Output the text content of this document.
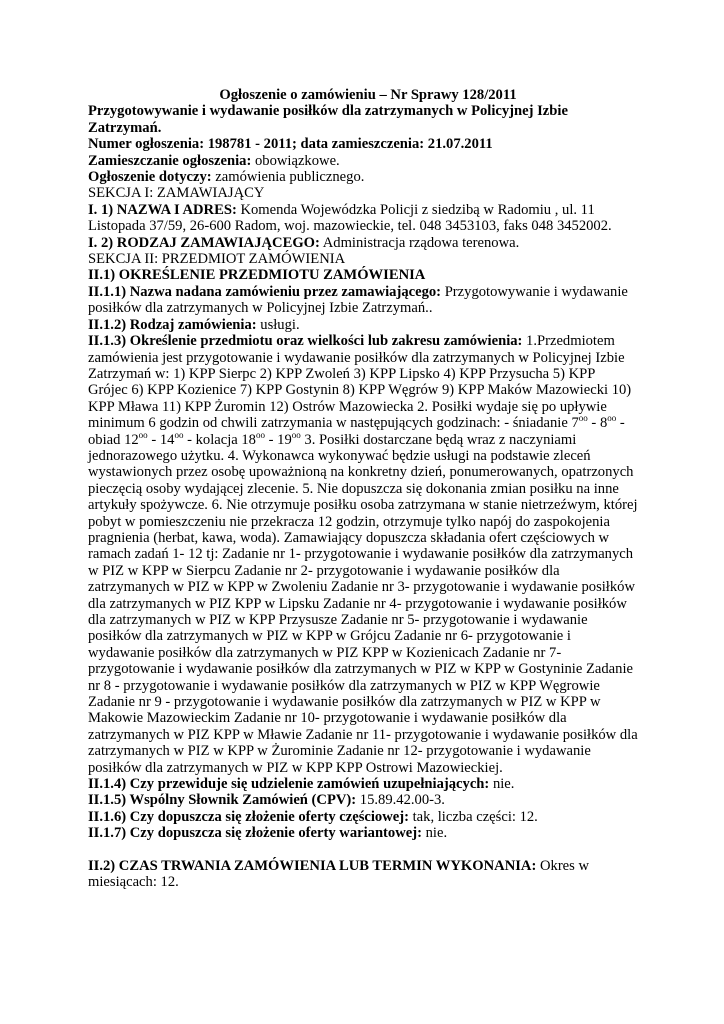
Ogłoszenie o zamówieniu – Nr Sprawy 128/2011
Przygotowywanie i wydawanie posiłków dla zatrzymanych w Policyjnej Izbie
Zatrzymań.
Numer ogłoszenia: 198781 - 2011; data zamieszczenia: 21.07.2011
Zamieszczanie ogłoszenia: obowiązkowe.
Ogłoszenie dotyczy: zamówienia publicznego.
SEKCJA I: ZAMAWIAJĄCY
I. 1) NAZWA I ADRES: Komenda Wojewódzka Policji z siedzibą w Radomiu , ul. 11
Listopada 37/59, 26-600 Radom, woj. mazowieckie, tel. 048 3453103, faks 048 3452002.
I. 2) RODZAJ ZAMAWIAJĄCEGO: Administracja rządowa terenowa.
SEKCJA II: PRZEDMIOT ZAMÓWIENIA
II.1) OKREŚLENIE PRZEDMIOTU ZAMÓWIENIA
II.1.1) Nazwa nadana zamówieniu przez zamawiającego: Przygotowywanie i wydawanie
posiłków dla zatrzymanych w Policyjnej Izbie Zatrzymań..
II.1.2) Rodzaj zamówienia: usługi.
II.1.3) Określenie przedmiotu oraz wielkości lub zakresu zamówienia: 1.Przedmiotem
zamówienia jest przygotowanie i wydawanie posiłków dla zatrzymanych w Policyjnej Izbie
Zatrzymań w: 1) KPP Sierpc 2) KPP Zwoleń 3) KPP Lipsko 4) KPP Przysucha 5) KPP
Grójec 6) KPP Kozienice 7) KPP Gostynin 8) KPP Węgrów 9) KPP Maków Mazowiecki 10)
KPP Mława 11) KPP Żuromin 12) Ostrów Mazowiecka 2. Posiłki wydaje się po upływie
minimum 6 godzin od chwili zatrzymania w następujących godzinach: - śniadanie $7^{oo} - 8^{oo}$ -
obiad $12^{oo} - 14^{oo}$ - kolacja $18^{oo} - 19^{oo}$ 3. Posiłki dostarczane będą wraz z naczyniami
jednorazowego użytku. 4. Wykonawca wykonywać będzie usługi na podstawie zleceń
wystawionych przez osobę upoważnioną na konkretny dzień, ponumerowanych, opatrzonych
pieczęcią osoby wydającej zlecenie. 5. Nie dopuszcza się dokonania zmian posiłku na inne
artykuły spożywcze. 6. Nie otrzymuje posiłku osoba zatrzymana w stanie nietrzeźwym, której
pobyt w pomieszczeniu nie przekracza 12 godzin, otrzymuje tylko napój do zaspokojenia
pragnienia (herbat, kawa, woda). Zamawiający dopuszcza składania ofert częściowych w
ramach zadań 1- 12 tj: Zadanie nr 1- przygotowanie i wydawanie posiłków dla zatrzymanych
w PIZ w KPP w Sierpcu Zadanie nr 2- przygotowanie i wydawanie posiłków dla
zatrzymanych w PIZ w KPP w Zwoleniu Zadanie nr 3- przygotowanie i wydawanie posiłków
dla zatrzymanych w PIZ KPP w Lipsku Zadanie nr 4- przygotowanie i wydawanie posiłków
dla zatrzymanych w PIZ w KPP Przysusze Zadanie nr 5- przygotowanie i wydawanie
posiłków dla zatrzymanych w PIZ w KPP w Grójcu Zadanie nr 6- przygotowanie i
wydawanie posiłków dla zatrzymanych w PIZ KPP w Kozienicach Zadanie nr 7-
przygotowanie i wydawanie posiłków dla zatrzymanych w PIZ w KPP w Gostyninie Zadanie
nr 8 - przygotowanie i wydawanie posiłków dla zatrzymanych w PIZ w KPP Węgrowie
Zadanie nr 9 - przygotowanie i wydawanie posiłków dla zatrzymanych w PIZ w KPP w
Makowie Mazowieckim Zadanie nr 10- przygotowanie i wydawanie posiłków dla
zatrzymanych w PIZ KPP w Mławie Zadanie nr 11- przygotowanie i wydawanie posiłków dla
zatrzymanych w PIZ w KPP w Żurominie Zadanie nr 12- przygotowanie i wydawanie
posiłków dla zatrzymanych w PIZ w KPP KPP Ostrowi Mazowieckiej.
II.1.4) Czy przewiduje się udzielenie zamówień uzupełniających: nie.
II.1.5) Wspólny Słownik Zamówień (CPV): 15.89.42.00-3.
II.1.6) Czy dopuszcza się złożenie oferty częściowej: tak, liczba części: 12.
II.1.7) Czy dopuszcza się złożenie oferty wariantowej: nie.
II.2) CZAS TRWANIA ZAMÓWIENIA LUB TERMIN WYKONANIA: Okres w
miesiącach: 12.
